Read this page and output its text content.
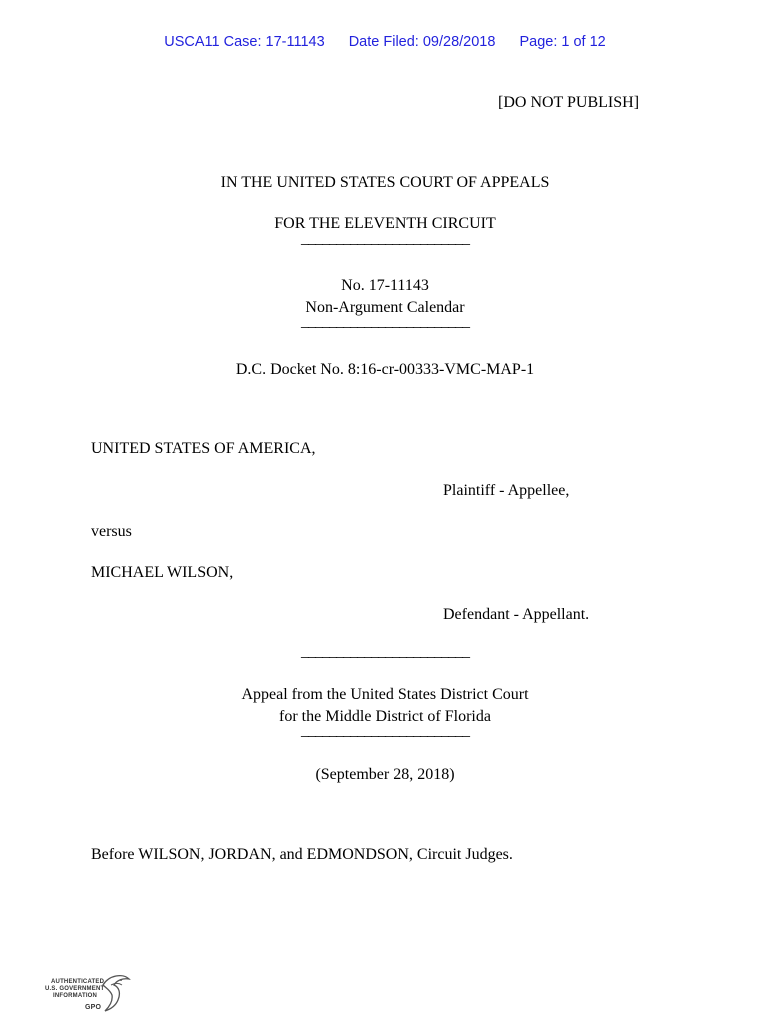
USCA11 Case: 17-11143 Date Filed: 09/28/2018 Page: 1 of 12
[DO NOT PUBLISH]
IN THE UNITED STATES COURT OF APPEALS
FOR THE ELEVENTH CIRCUIT
________________________
No. 17-11143
Non-Argument Calendar
________________________
D.C. Docket No. 8:16-cr-00333-VMC-MAP-1
UNITED STATES OF AMERICA,
Plaintiff - Appellee,
versus
MICHAEL WILSON,
Defendant - Appellant.
________________________
Appeal from the United States District Court
for the Middle District of Florida
________________________
(September 28, 2018)
Before WILSON, JORDAN, and EDMONDSON, Circuit Judges.
AUTHENTICATED
U.S. GOVERNMENT
INFORMATION
GPO
